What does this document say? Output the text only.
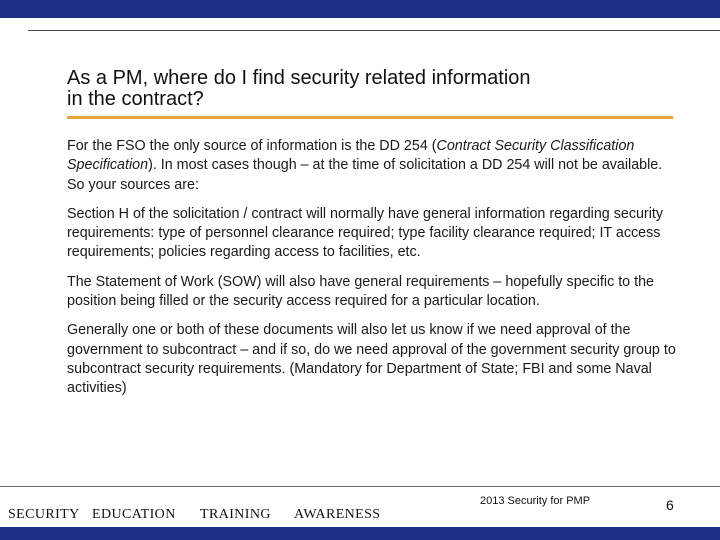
As a PM, where do I find security related information
in the contract?

For the FSO the only source of information is the DD 254 (Contract Security Classification Specification). In most cases though – at the time of solicitation a DD 254 will not be available. So your sources are:

Section H of the solicitation / contract will normally have general information regarding security requirements: type of personnel clearance required; type facility clearance required; IT access requirements; policies regarding access to facilities, etc.

The Statement of Work (SOW) will also have general requirements – hopefully specific to the position being filled or the security access required for a particular location.

Generally one or both of these documents will also let us know if we need approval of the government to subcontract – and if so, do we need approval of the government security group to subcontract security requirements. (Mandatory for Department of State; FBI and some Naval activities)

SECURITY EDUCATION TRAINING AWARENESS
2013 Security for PMP	6
